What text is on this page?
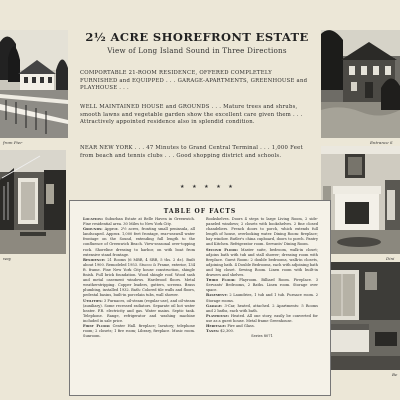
from Pier
way
Entrance S
Dini
Be
2½ ACRE SHOREFRONT ESTATE
View of Long Island Sound in Three Directions
COMPORTABLE 21-ROOM RESIDENCE, OFFERED COMPLETELY FURNISHED and EQUIPPED . . . GARAGE-APARTMENTS, GREENHOUSE and PLAYHOUSE . . .
WELL MAINTAINED HOUSE and GROUNDS . . . Mature trees and shrubs, smooth lawns and vegetable garden show the excellent care given them . . . Attractively appointed residence also in splendid condition.
NEAR NEW YORK . . . 47 Minutes to Grand Central Terminal . . . 1,000 Feet from beach and tennis clubs . . . Good shopping district and schools.
★ ★ ★ ★ ★
TABLE OF FACTS

Location: Suburban Estate at Belle Haven in Greenwich. Fine residential area. 30 Miles to New York City.

Grounds: Approx. 2½ acres, fronting small peninsula, all landscaped. Approx. 1,000 feet frontage, rear-seawall water frontage on the Sound, extending full length to the confluence of Greenwich Beach. View-seasonal over-topping rock. Shoreline dressing to harbor, on with boat from extensive stand frontage.

Residence: 21 Rooms (6 MBR, 4 SBR, 5 ths. 2 dr.). Built about 1900. Remodeled 1953. Stucco & Frame, exterior, 134 ft. frame. Fine New York City house construction, shingle finish. Full brick foundation. Wood shingle roof. Wood sash and metal casement windows. Hardwood floors. Metal weatherstripping. Copper leaders, gutters, screens. Brass plumbing, installed 1932. Bath: Colored tile walls and floors, pedestal basins, built-in porcelain tubs, wall shower.

Utilities: 3 Furnaces, oil-steam (regular use), and oil-steam (auxiliary). Some recessed radiators. Separate oil hot water heater. P.R. electricity and gas. Water mains. Septic tank. Telephone. Range, refrigerator and washing machine included in sale price.

First Floor: Center Hall. fireplace; lavatory; telephone room; 2 closets; 1 fire room; Library, fireplace. Music room. Sunroom.

Bookshelves. Doors 4 steps to large Living Room, 2 side-paneled windows; 2 closets with bookshelves. 2 fine closed chandeliers. French doors to porch, which extends full length of house, overlooking water. Dining Room: fireplace; bay window. Butler's china cupboard, doors to porch. Pantry and Kitchen. Refrigerator room. Servants' Dining Room.

Second Floor: Master suite, bedroom, walk-in closet; adjoins bath with tub and stall shower; dressing room with fireplace. Guest Room: 2 double bedrooms, walk-in closets, adjoining bath. 4 Double Bedrooms, each with adjoining bath and big closet. Sewing Room. Linen room with built-in drawers and shelves.

Third Floor: Playroom. Billiard Room. Fireplace. 3 Servants' Bedrooms, 2 Baths. Linen room. Storage over space.

Basement: 2 Laundries, 1 tub and 1 tub. Furnace room. 2 Storage rooms.

Garage: 3-Car, heated, attached. 2 Apartments: 5 Rooms and 2 baths, each with bath.

Playhouse: Heated. All one story, easily be converted for use as a guest house. Metal frame Greenhouse.

Heritage: Fire and Glass.

Taxes: $2,300.

Series 8071
